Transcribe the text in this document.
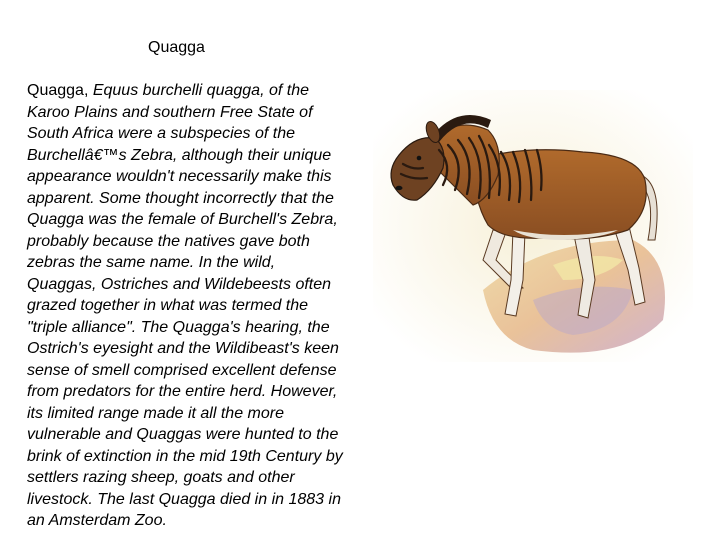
Quagga
Quagga, Equus burchelli quagga, of the Karoo Plains and southern Free State of South Africa were a subspecies of the Burchellâ€™s Zebra, although their unique appearance wouldn't necessarily make this apparent. Some thought incorrectly that the Quagga was the female of Burchell's Zebra, probably because the natives gave both zebras the same name. In the wild, Quaggas, Ostriches and Wildebeests often grazed together in what was termed the "triple alliance". The Quagga's hearing, the Ostrich's eyesight and the Wildibeast's keen sense of smell comprised excellent defense from predators for the entire herd. However, its limited range made it all the more vulnerable and Quaggas were hunted to the brink of extinction in the mid 19th Century by settlers razing sheep, goats and other livestock. The last Quagga died in in 1883 in an Amsterdam Zoo.
